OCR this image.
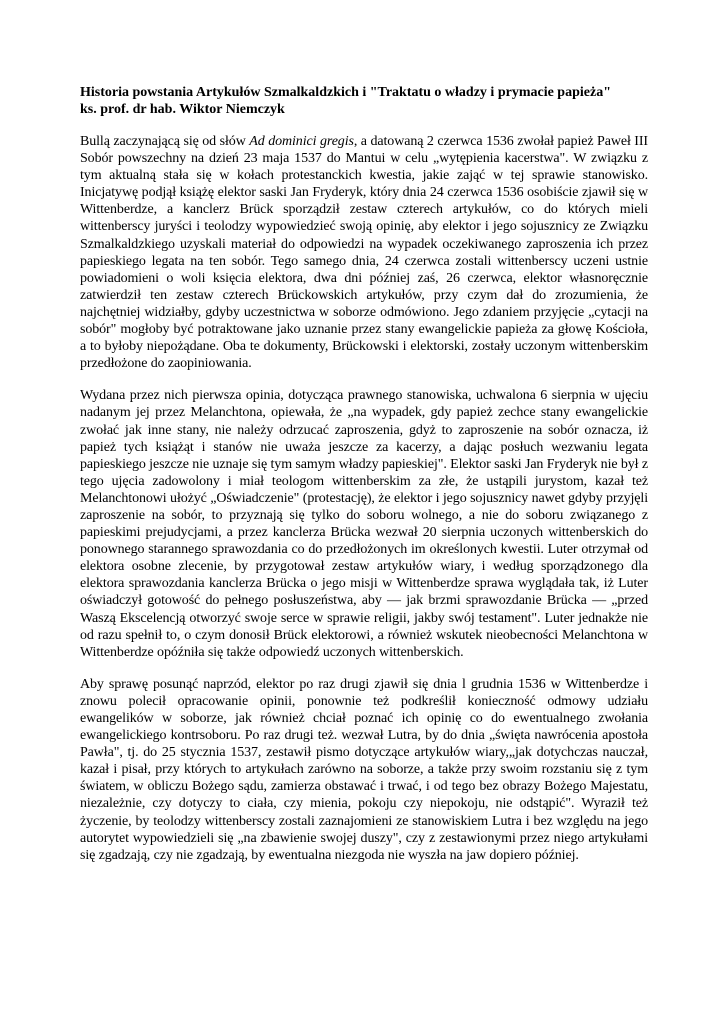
Historia powstania Artykułów Szmalkaldzkich i "Traktatu o władzy i prymacie papieża"
ks. prof. dr hab. Wiktor Niemczyk

Bullą zaczynającą się od słów Ad dominici gregis, a datowaną 2 czerwca 1536 zwołał papież Paweł III Sobór powszechny na dzień 23 maja 1537 do Mantui w celu „wytępienia kacerstwa". W związku z tym aktualną stała się w kołach protestanckich kwestia, jakie zająć w tej sprawie stanowisko. Inicjatywę podjął książę elektor saski Jan Fryderyk, który dnia 24 czerwca 1536 osobiście zjawił się w Wittenberdze, a kanclerz Brück sporządził zestaw czterech artykułów, co do których mieli wittenberscy juryści i teolodzy wypowiedzieć swoją opinię, aby elektor i jego sojusznicy ze Związku Szmalkaldzkiego uzyskali materiał do odpowiedzi na wypadek oczekiwanego zaproszenia ich przez papieskiego legata na ten sobór. Tego samego dnia, 24 czerwca zostali wittenberscy uczeni ustnie powiadomieni o woli księcia elektora, dwa dni później zaś, 26 czerwca, elektor własnoręcznie zatwierdził ten zestaw czterech Brückowskich artykułów, przy czym dał do zrozumienia, że najchętniej widziałby, gdyby uczestnictwa w soborze odmówiono. Jego zdaniem przyjęcie „cytacji na sobór" mogłoby być potraktowane jako uznanie przez stany ewangelickie papieża za głowę Kościoła, a to byłoby niepożądane. Oba te dokumenty, Brückowski i elektorski, zostały uczonym wittenberskim przedłożone do zaopiniowania.

Wydana przez nich pierwsza opinia, dotycząca prawnego stanowiska, uchwalona 6 sierpnia w ujęciu nadanym jej przez Melanchtona, opiewała, że „na wypadek, gdy papież zechce stany ewangelickie zwołać jak inne stany, nie należy odrzucać zaproszenia, gdyż to zaproszenie na sobór oznacza, iż papież tych książąt i stanów nie uważa jeszcze za kacerzy, a dając posłuch wezwaniu legata papieskiego jeszcze nie uznaje się tym samym władzy papieskiej". Elektor saski Jan Fryderyk nie był z tego ujęcia zadowolony i miał teologom wittenberskim za złe, że ustąpili jurystom, kazał też Melanchtonowi ułożyć „Oświadczenie" (protestację), że elektor i jego sojusznicy nawet gdyby przyjęli zaproszenie na sobór, to przyznają się tylko do soboru wolnego, a nie do soboru związanego z papieskimi prejudycjami, a przez kanclerza Brücka wezwał 20 sierpnia uczonych wittenberskich do ponownego starannego sprawozdania co do przedłożonych im określonych kwestii. Luter otrzymał od elektora osobne zlecenie, by przygotował zestaw artykułów wiary, i według sporządzonego dla elektora sprawozdania kanclerza Brücka o jego misji w Wittenberdze sprawa wyglądała tak, iż Luter oświadczył gotowość do pełnego posłuszeństwa, aby — jak brzmi sprawozdanie Brücka — „przed Waszą Ekscelencją otworzyć swoje serce w sprawie religii, jakby swój testament". Luter jednakże nie od razu spełnił to, o czym donosił Brück elektorowi, a również wskutek nieobecności Melanchtona w Wittenberdze opóźniła się także odpowiedź uczonych wittenberskich.

Aby sprawę posunąć naprzód, elektor po raz drugi zjawił się dnia l grudnia 1536 w Wittenberdze i znowu polecił opracowanie opinii, ponownie też podkreślił konieczność odmowy udziału ewangelików w soborze, jak również chciał poznać ich opinię co do ewentualnego zwołania ewangelickiego kontrsoboru. Po raz drugi też. wezwał Lutra, by do dnia „święta nawrócenia apostoła Pawła", tj. do 25 stycznia 1537, zestawił pismo dotyczące artykułów wiary,„jak dotychczas nauczał, kazał i pisał, przy których to artykułach zarówno na soborze, a także przy swoim rozstaniu się z tym światem, w obliczu Bożego sądu, zamierza obstawać i trwać, i od tego bez obrazy Bożego Majestatu, niezależnie, czy dotyczy to ciała, czy mienia, pokoju czy niepokoju, nie odstąpić". Wyraził też życzenie, by teolodzy wittenberscy zostali zaznajomieni ze stanowiskiem Lutra i bez względu na jego autorytet wypowiedzieli się „na zbawienie swojej duszy", czy z zestawionymi przez niego artykułami się zgadzają, czy nie zgadzają, by ewentualna niezgoda nie wyszła na jaw dopiero później.
